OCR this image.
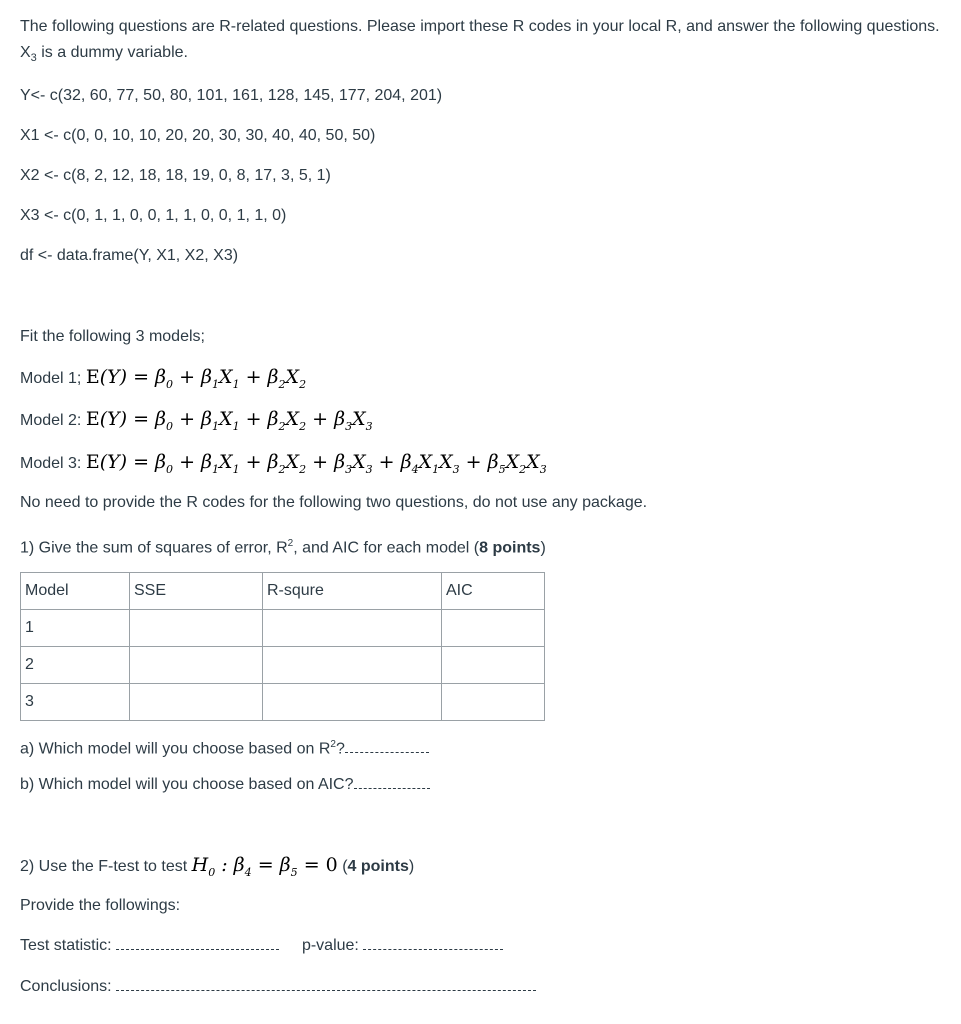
The following questions are R-related questions. Please import these R codes in your local R, and answer the following questions. $X_3$ is a dummy variable.
Y<- c(32, 60, 77, 50, 80, 101, 161, 128, 145, 177, 204, 201)
X1 <- c(0, 0, 10, 10, 20, 20, 30, 30, 40, 40, 50, 50)
X2 <- c(8, 2, 12, 18, 18, 19, 0, 8, 17, 3, 5, 1)
X3 <- c(0, 1, 1, 0, 0, 1, 1, 0, 0, 1, 1, 0)
df <- data.frame(Y, X1, X2, X3)
Fit the following 3 models;
Model 1; $E(Y) = \beta_0 + \beta_1X_1 + \beta_2X_2$
Model 2: $E(Y) = \beta_0 + \beta_1X_1 + \beta_2X_2 + \beta_3X_3$
Model 3: $E(Y) = \beta_0 + \beta_1X_1 + \beta_2X_2 + \beta_3X_3 + \beta_4X_1X_3 + \beta_5X_2X_3$
No need to provide the R codes for the following two questions, do not use any package.
1) Give the sum of squares of error, $R^2$, and AIC for each model (8 points)
Model	SSE	R-squre	AIC
1			
2			
3			
a) Which model will you choose based on $R^2$?
b) Which model will you choose based on AIC?
2) Use the F-test to test $H_0$ : $\beta_4 = \beta_5 = 0$ (4 points)
Provide the followings:
Test statistic:	p-value:
Conclusions:
